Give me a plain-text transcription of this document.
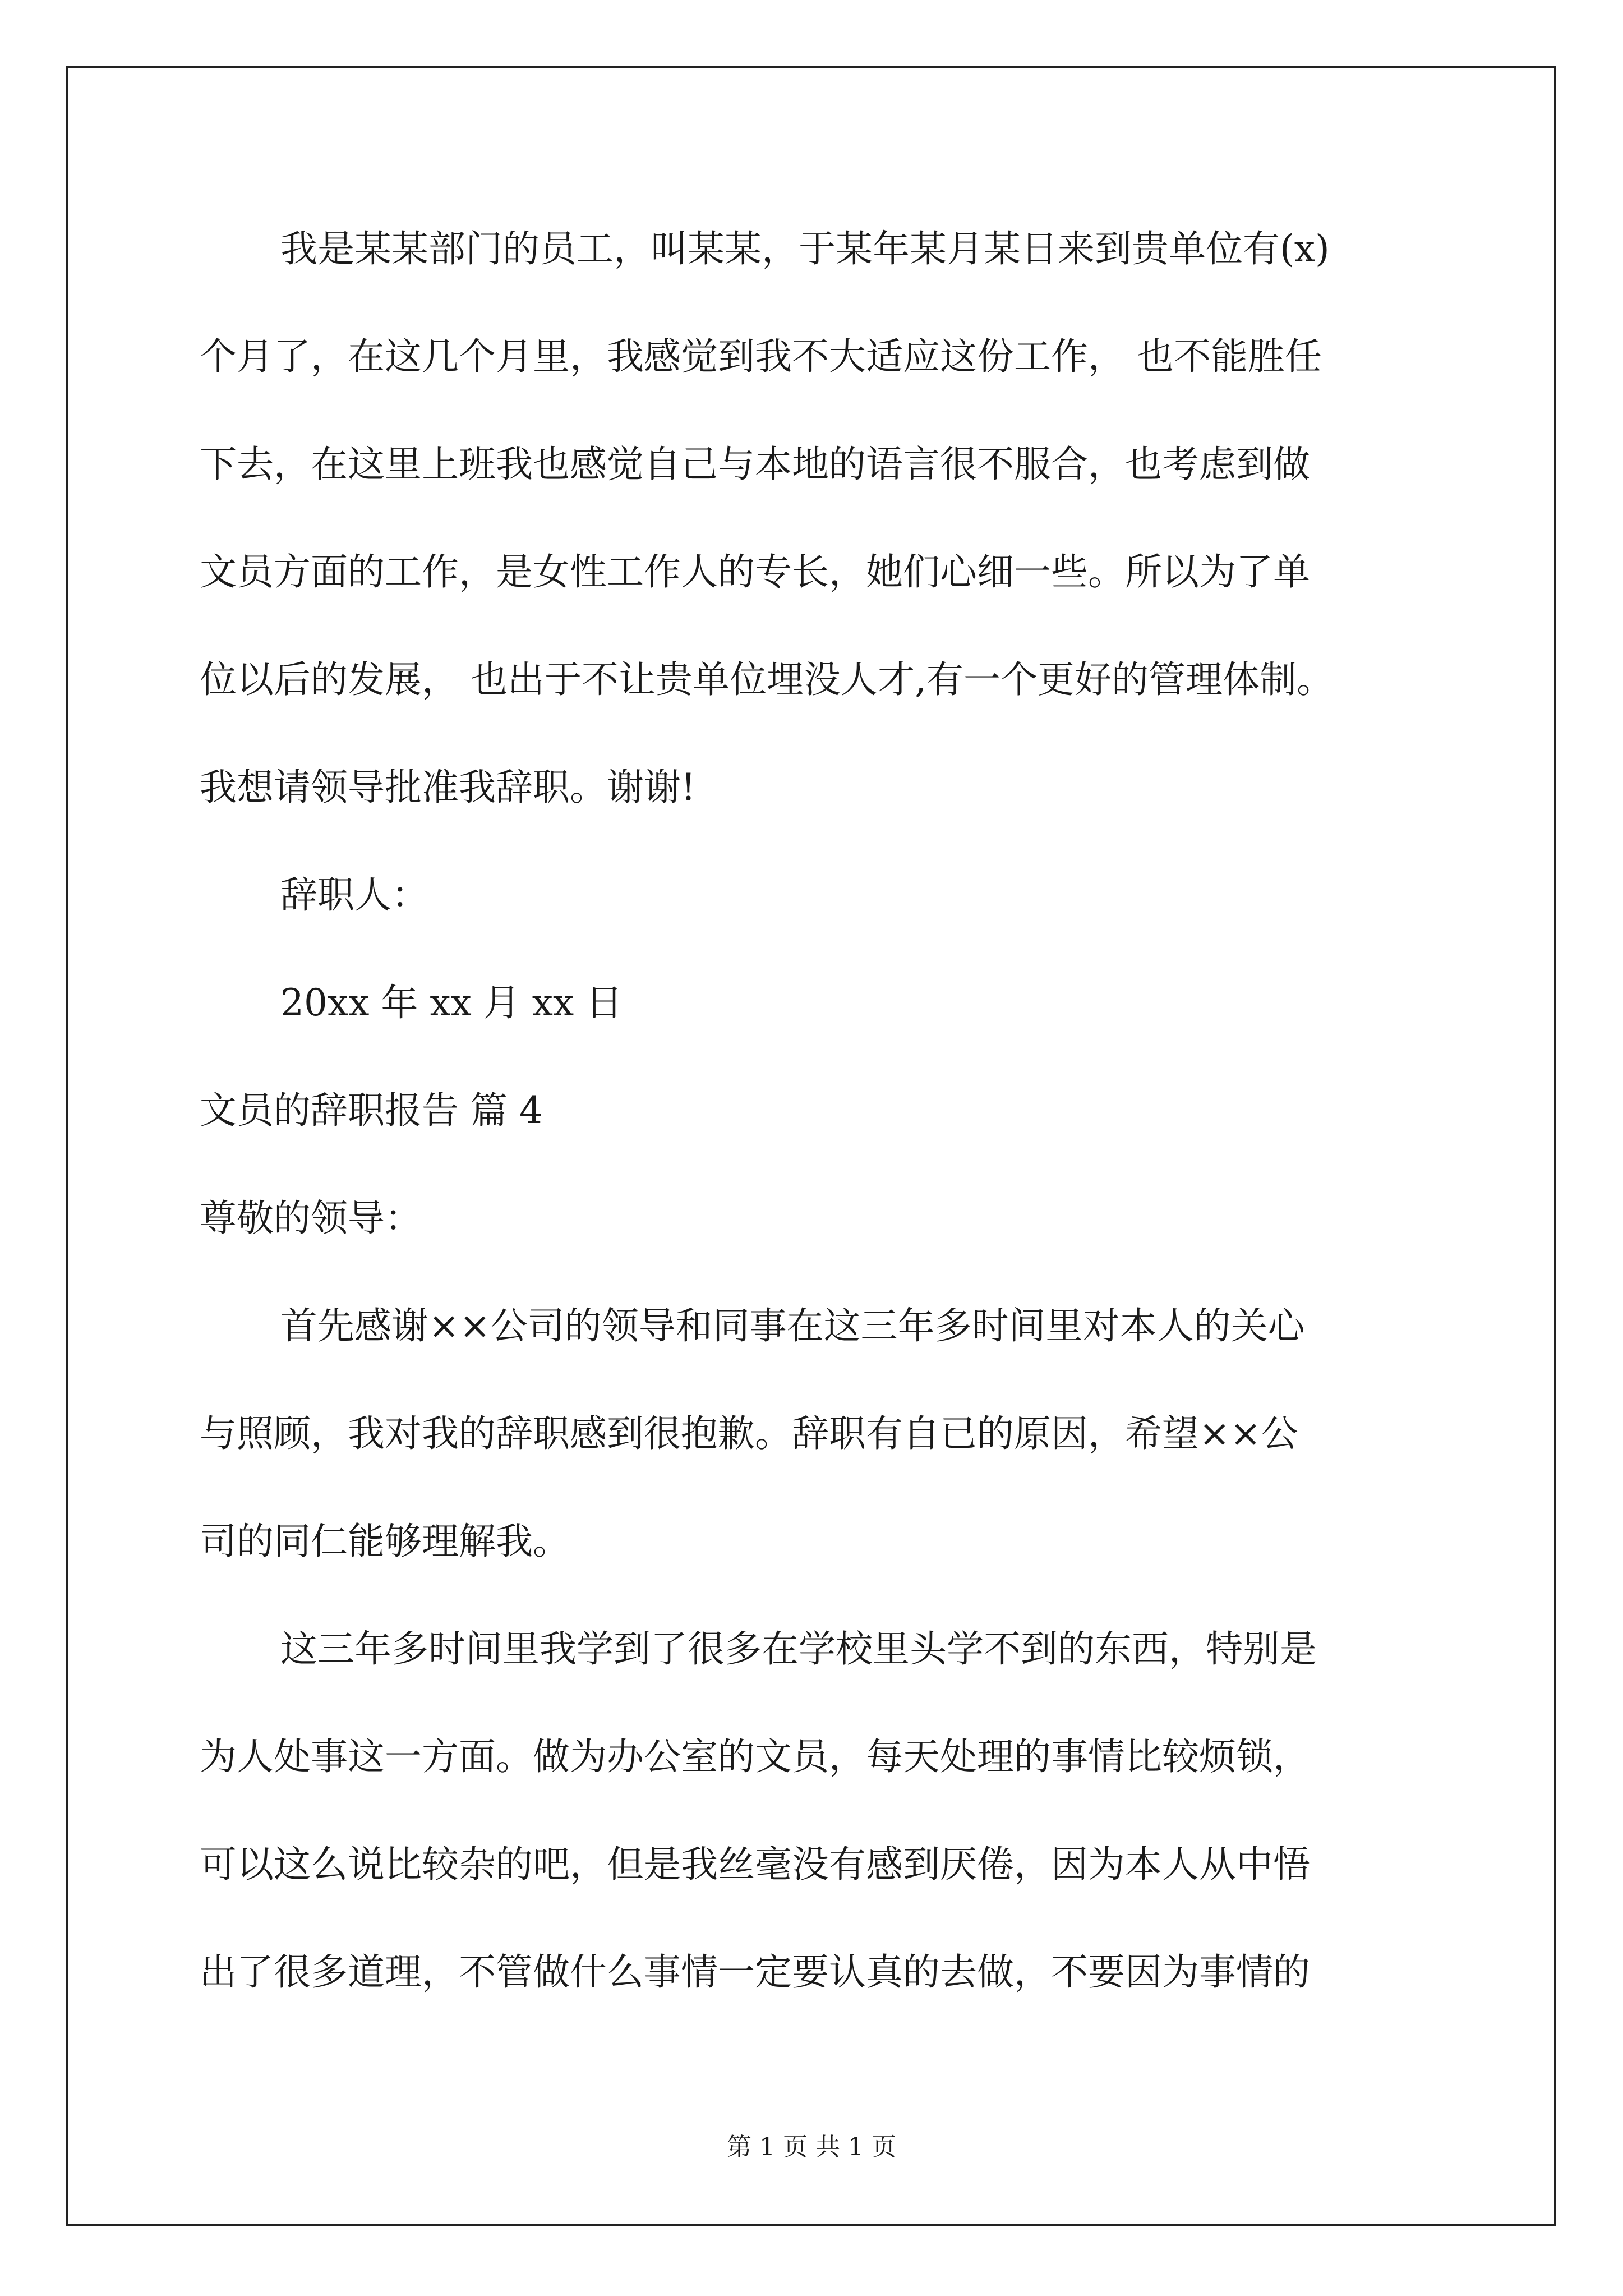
我是某某部门的员工，叫某某，于某年某月某日来到贵单位有(x)
个月了，在这几个月里，我感觉到我不大适应这份工作， 也不能胜任
下去，在这里上班我也感觉自己与本地的语言很不服合，也考虑到做
文员方面的工作，是女性工作人的专长，她们心细一些。所以为了单
位以后的发展， 也出于不让贵单位埋没人才,有一个更好的管理体制。
我想请领导批准我辞职。谢谢!
辞职人：
20xx 年 xx 月 xx 日
文员的辞职报告 篇 4
尊敬的领导：
首先感谢××公司的领导和同事在这三年多时间里对本人的关心
与照顾，我对我的辞职感到很抱歉。辞职有自已的原因，希望××公
司的同仁能够理解我。
这三年多时间里我学到了很多在学校里头学不到的东西，特别是
为人处事这一方面。做为办公室的文员，每天处理的事情比较烦锁，
可以这么说比较杂的吧，但是我丝毫没有感到厌倦，因为本人从中悟
出了很多道理，不管做什么事情一定要认真的去做，不要因为事情的
第 1 页 共 1 页
